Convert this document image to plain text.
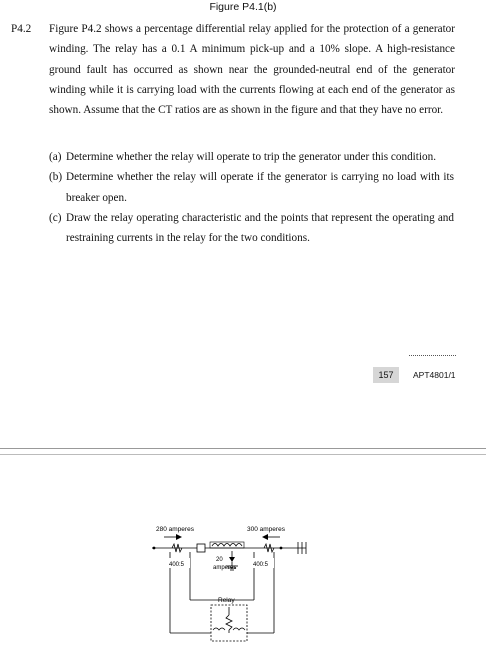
Figure P4.1(b)
P4.2 Figure P4.2 shows a percentage differential relay applied for the protection of a generator winding. The relay has a 0.1 A minimum pick-up and a 10% slope. A high-resistance ground fault has occurred as shown near the grounded-neutral end of the generator winding while it is carrying load with the currents flowing at each end of the generator as shown. Assume that the CT ratios are as shown in the figure and that they have no error.
(a) Determine whether the relay will operate to trip the generator under this condition.
(b) Determine whether the relay will operate if the generator is carrying no load with its breaker open.
(c) Draw the relay operating characteristic and the points that represent the operating and restraining currents in the relay for the two conditions.
157	APT4801/1
280 amperes	300 amperes
20
amperes
400:5	400:5
Relay
